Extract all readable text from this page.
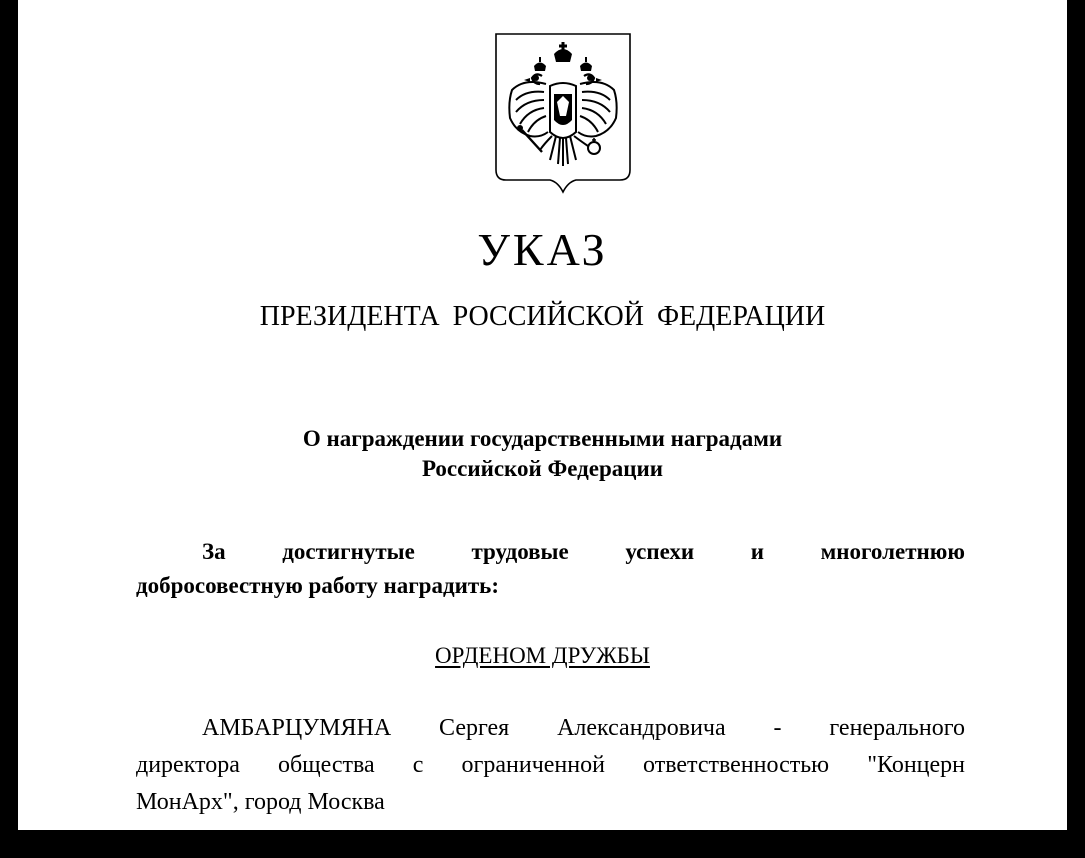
УКАЗ
ПРЕЗИДЕНТА РОССИЙСКОЙ ФЕДЕРАЦИИ
О награждении государственными наградами
Российской Федерации
За достигнутые трудовые успехи и многолетнюю
добросовестную работу наградить:
ОРДЕНОМ ДРУЖБЫ
АМБАРЦУМЯНА Сергея Александровича - генерального
директора общества с ограниченной ответственностью "Концерн
МонАрх", город Москва
ДЕМЕНТЬЕВА Владимира Б
